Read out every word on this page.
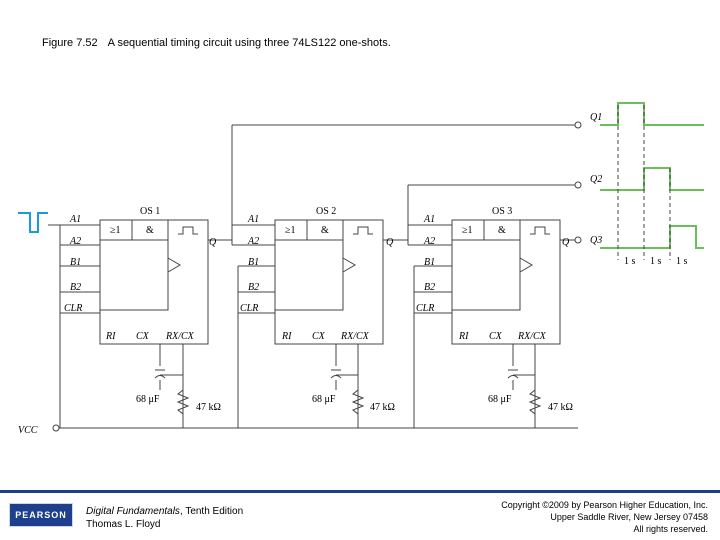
Figure 7.52 A sequential timing circuit using three 74LS122 one-shots.
OS 1	OS 2	OS 3
≥1	&
Q
A1
A2
B1
B2
CLR
RI CX RX/CX
≥1	&
Q
A1
A2
B1
B2
CLR
RI CX RX/CX
≥1	&
Q
A1
A2
B1
B2
CLR
RI CX RX/CX
68 μF
47 kΩ
68 μF
47 kΩ
68 μF
47 kΩ
VCC
Q1
Q2
Q3
1 s 1 s 1 s
PEARSON	Digital Fundamentals, Tenth Edition
Thomas L. Floyd
Copyright ©2009 by Pearson Higher Education, Inc.
Upper Saddle River, New Jersey 07458
All rights reserved.
